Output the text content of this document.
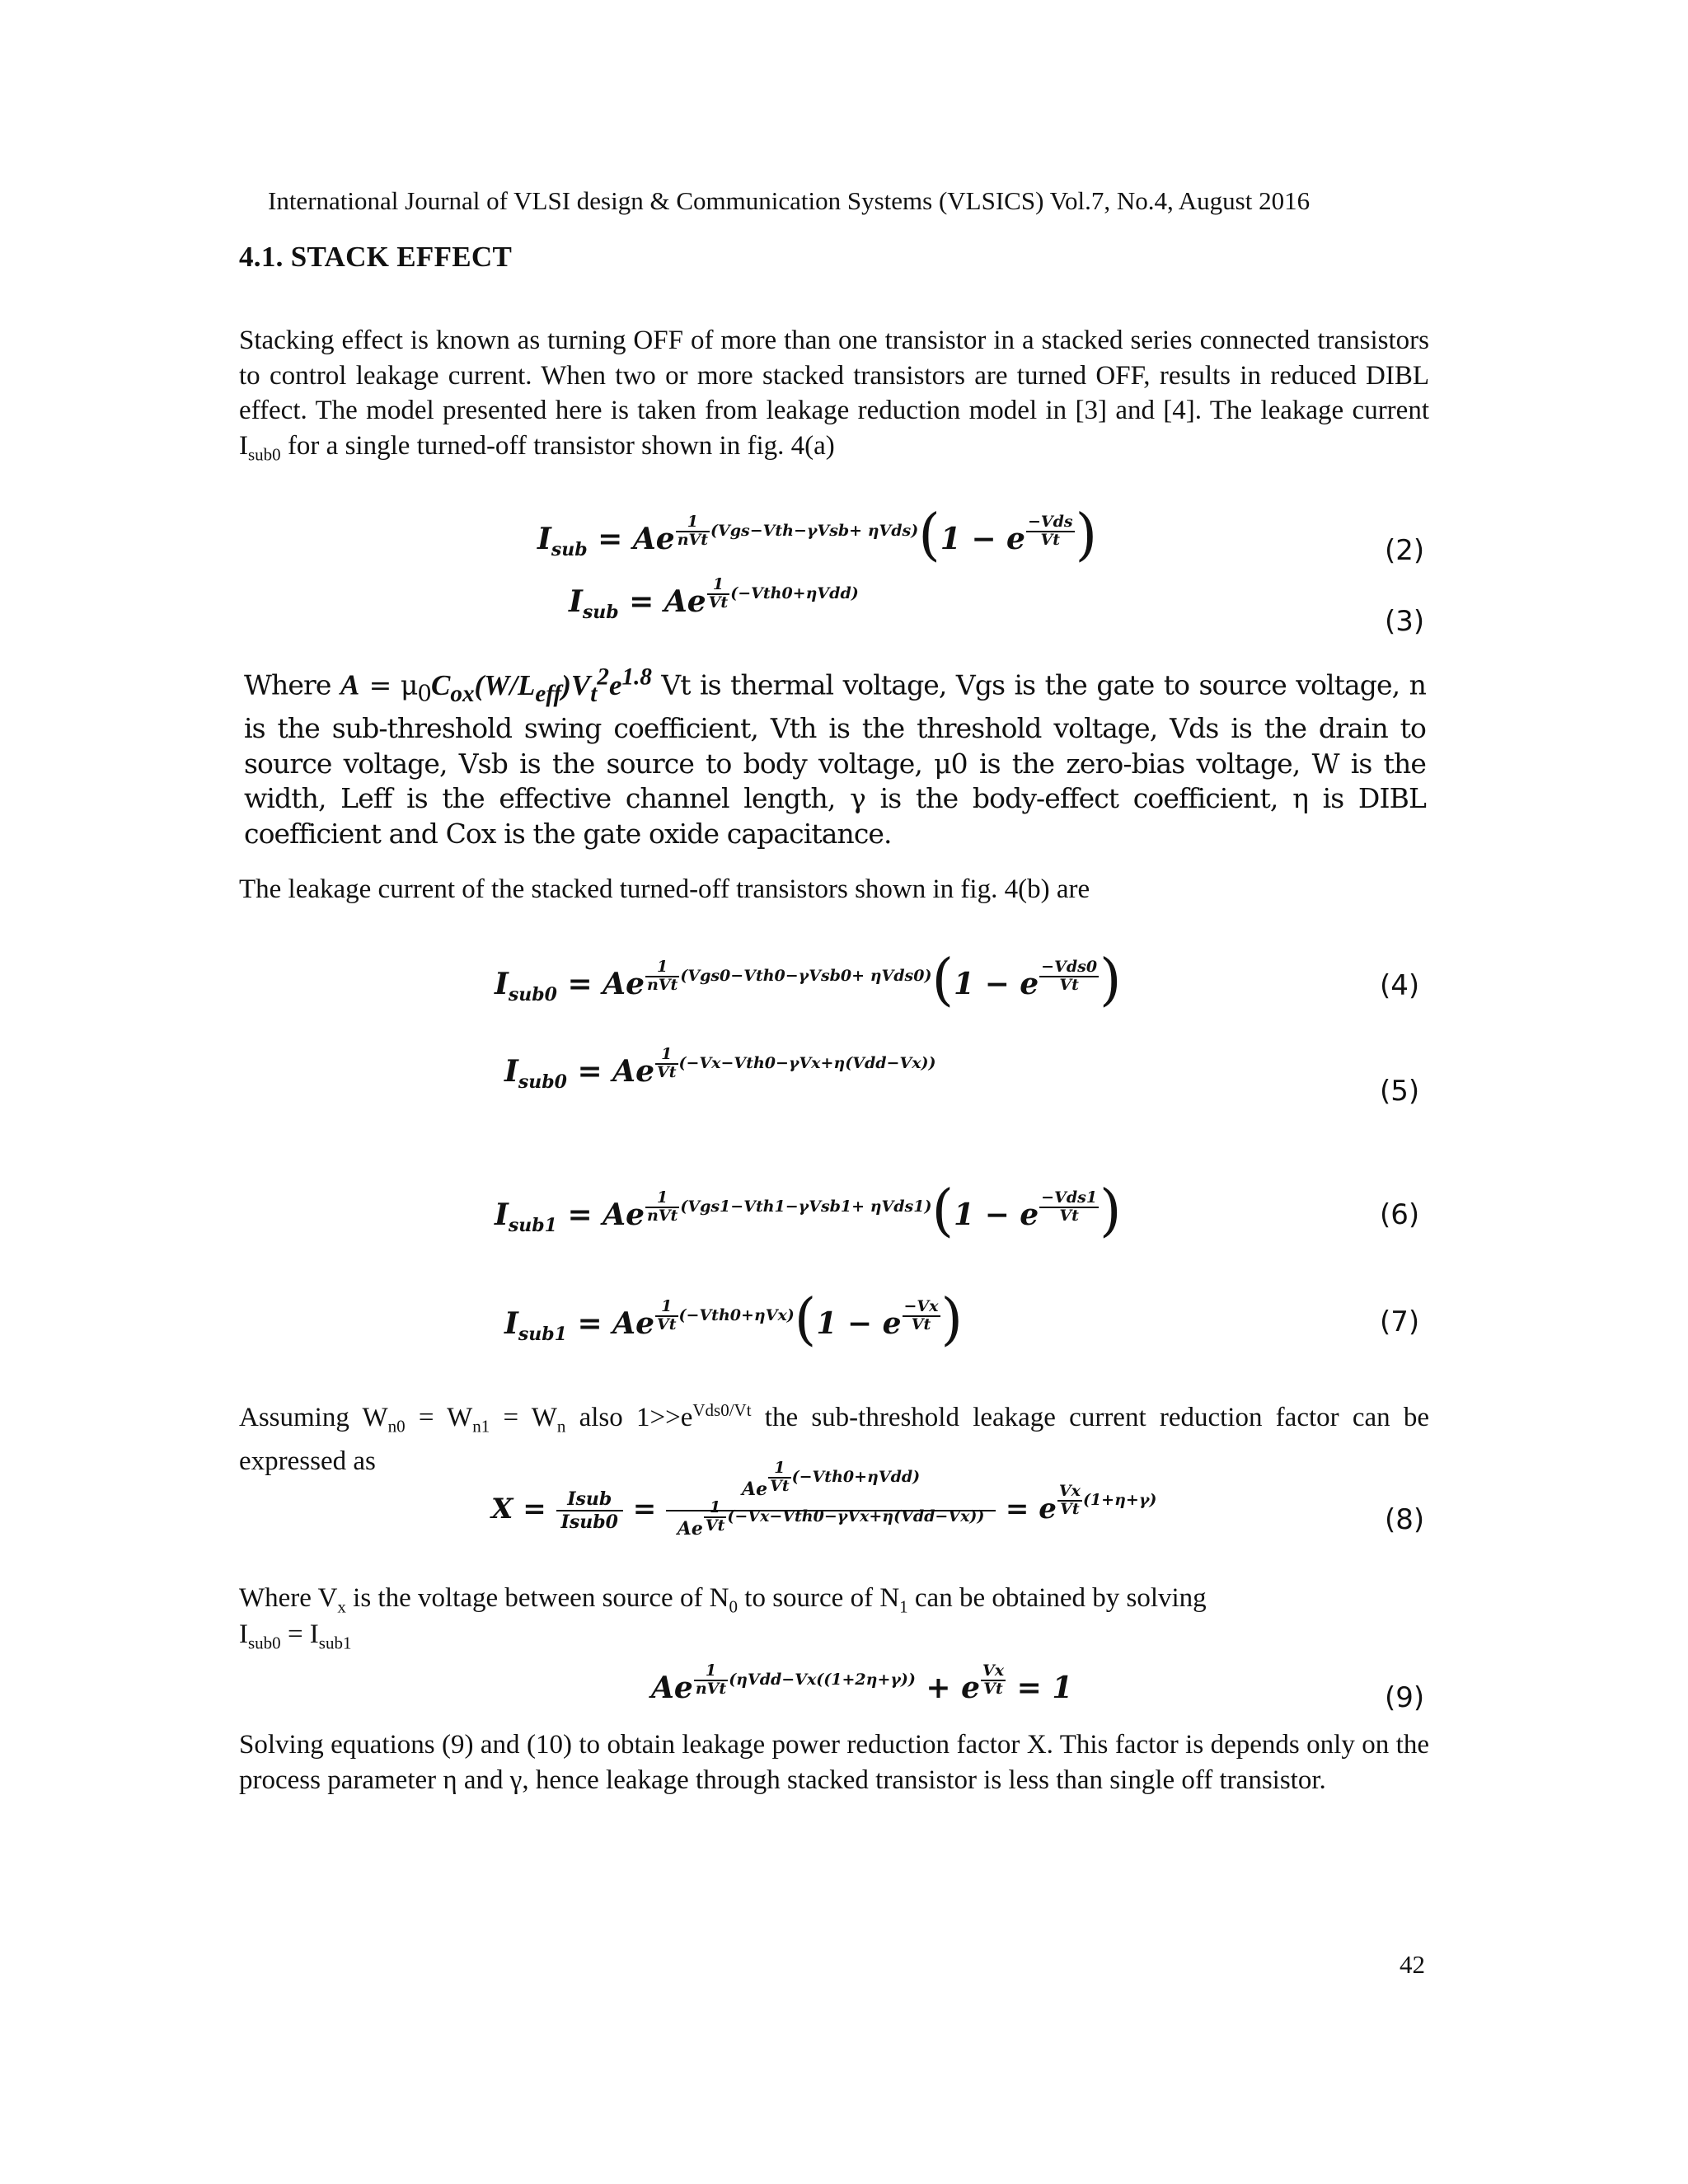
International Journal of VLSI design & Communication Systems (VLSICS) Vol.7, No.4, August 2016
4.1. STACK EFFECT
Stacking effect is known as turning OFF of more than one transistor in a stacked series connected transistors to control leakage current. When two or more stacked transistors are turned OFF, results in reduced DIBL effect. The model presented here is taken from leakage reduction model in [3] and [4]. The leakage current $I_{sub0}$ for a single turned-off transistor shown in fig. 4(a)
$I_{sub} = Ae$ $^{1 nVt (Vgs-Vth-\gamma Vsb+ \eta Vds)}$(1 − e $^{-Vds Vt}$ )	(2)
$I_{sub} = Ae$ $^{\frac{1}{Vt} (-Vth0+\eta Vdd)}$
(3)
Where $A = \mu_0C_{ox}(W/L_{eff})V_t^2e^{1.8}$ Vt is thermal voltage, Vgs is the gate to source voltage, n is the sub-threshold swing coefficient, Vth is the threshold voltage, Vds is the drain to source voltage, Vsb is the source to body voltage, μ0 is the zero-bias voltage, W is the width, Leff is the effective channel length, γ is the body-effect coefficient, η is DIBL coefficient and Cox is the gate oxide capacitance.
The leakage current of the stacked turned-off transistors shown in fig. 4(b) are
$I_{sub0} = Ae$ $^{1 nVt (Vgs0-Vth0-\gamma Vsb0+ \eta Vds0)}$(1 − e $^{-Vds0 Vt}$ )	(4)
$I_{sub0} = Ae$ $^{\frac{1}{Vt} (-Vx-Vth0-\gamma Vx+\eta(Vdd-Vx))}$
(5)
$I_{sub1} = Ae$ $^{1 nVt (Vgs1-Vth1-\gamma Vsb1+ \eta Vds1)}$(1 − e $^{-Vds1 Vt}$ )	(6)
$I_{sub1} = Ae$ $^{\frac{1}{Vt} (-Vth0+\eta Vx)}$(1 − e $^{\frac{-Vx}{Vt}}$ )	(7)
Assuming $W_{n0} = W_{n1} = W_n$ also $1>>e^{Vds0/Vt}$ the sub-threshold leakage current reduction factor can be expressed as
X = Isub
Isub0 =
Ae $\frac{1}{Vt} (-Vth0+\eta Vdd)$
Ae $\frac{1}{Vt} (-Vx-Vth0-\gamma Vx+\eta(Vdd-Vx)) = e$ $^{\frac{Vx}{Vt} (1+\eta+\gamma)}$
(8)
Where $V_x$ is the voltage between source of $N_0$ to source of $N_1$ can be obtained by solving
$I_{sub0} = I_{sub1}$
Ae $^{1 nVt (\eta Vdd-Vx((1+2\eta+\gamma))}$ + e $^{\frac{Vx}{Vt}}$ = 1	(9)
Solving equations (9) and (10) to obtain leakage power reduction factor X. This factor is depends only on the process parameter η and γ, hence leakage through stacked transistor is less than single off transistor.
42
